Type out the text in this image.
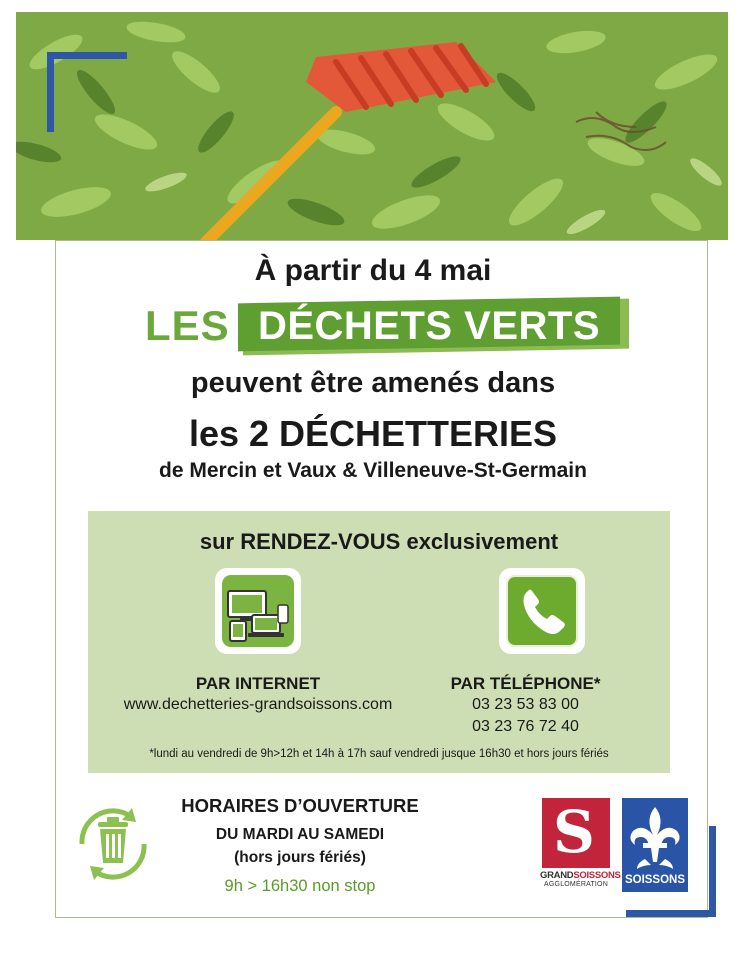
À partir du 4 mai
LES DÉCHETS VERTS
peuvent être amenés dans
les 2 DÉCHETTERIES
de Mercin et Vaux & Villeneuve-St-Germain
sur RENDEZ-VOUS exclusivement
PAR INTERNET
www.dechetteries-grandsoissons.com
PAR TÉLÉPHONE*
03 23 53 83 00
03 23 76 72 40
*lundi au vendredi de 9h>12h et 14h à 17h sauf vendredi jusque 16h30 et hors jours fériés
HORAIRES D’OUVERTURE
DU MARDI AU SAMEDI
(hors jours fériés)
9h > 16h30 non stop
S
GRANDSOISSONS
AGGLOMÉRATION	SOISSONS
